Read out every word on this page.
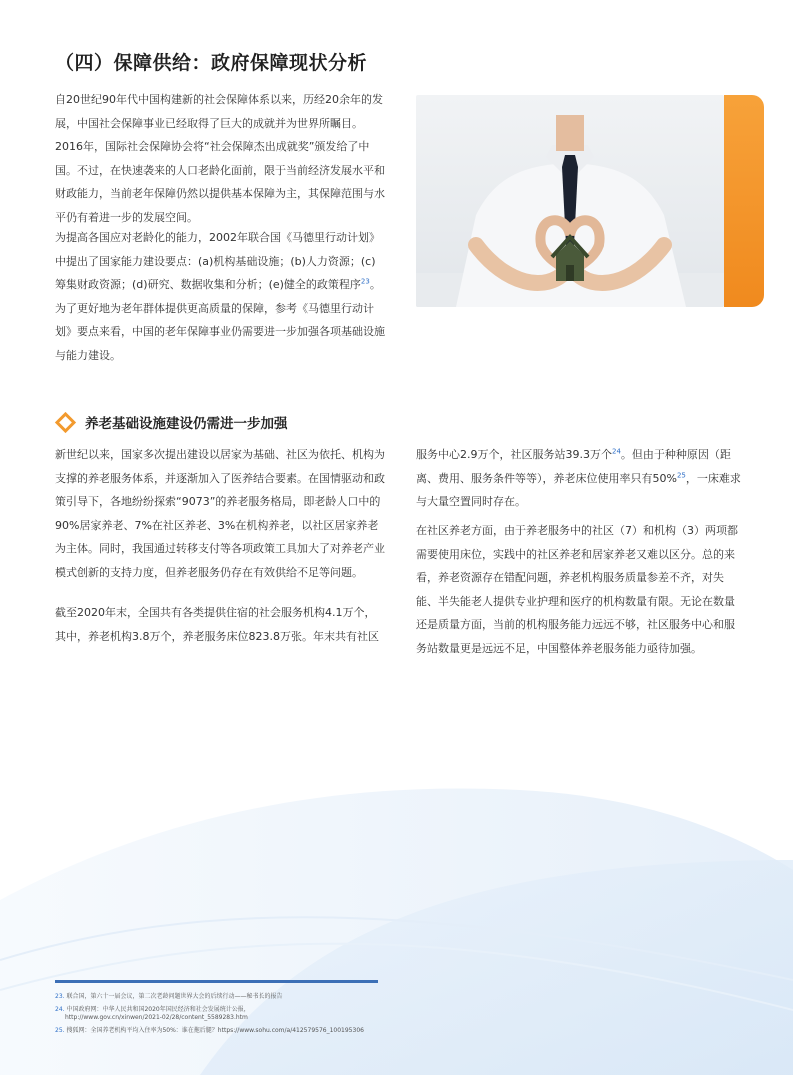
（四）保障供给：政府保障现状分析

自20世纪90年代中国构建新的社会保障体系以来，历经20余年的发展，中国社会保障事业已经取得了巨大的成就并为世界所瞩目。2016年，国际社会保障协会将“社会保障杰出成就奖”颁发给了中国。不过，在快速袭来的人口老龄化面前，限于当前经济发展水平和财政能力，当前老年保障仍然以提供基本保障为主，其保障范围与水平仍有着进一步的发展空间。

为提高各国应对老龄化的能力，2002年联合国《马德里行动计划》中提出了国家能力建设要点：(a)机构基础设施；(b)人力资源；(c)筹集财政资源；(d)研究、数据收集和分析；(e)健全的政策程序$^{23}$。为了更好地为老年群体提供更高质量的保障，参考《马德里行动计划》要点来看，中国的老年保障事业仍需要进一步加强各项基础设施与能力建设。

养老基础设施建设仍需进一步加强

新世纪以来，国家多次提出建设以居家为基础、社区为依托、机构为支撑的养老服务体系，并逐渐加入了医养结合要素。在国情驱动和政策引导下，各地纷纷探索“9073”的养老服务格局，即老龄人口中的90%居家养老、7%在社区养老、3%在机构养老，以社区居家养老为主体。同时，我国通过转移支付等各项政策工具加大了对养老产业模式创新的支持力度，但养老服务仍存在有效供给不足等问题。

截至2020年末，全国共有各类提供住宿的社会服务机构4.1万个，其中，养老机构3.8万个，养老服务床位823.8万张。年末共有社区

服务中心2.9万个，社区服务站39.3万个$^{24}$。但由于种种原因（距离、费用、服务条件等等），养老床位使用率只有50%$^{25}$，一床难求与大量空置同时存在。

在社区养老方面，由于养老服务中的社区（7）和机构（3）两项都需要使用床位，实践中的社区养老和居家养老又难以区分。总的来看，养老资源存在错配问题，养老机构服务质量参差不齐，对失能、半失能老人提供专业护理和医疗的机构数量有限。无论在数量还是质量方面，当前的机构服务能力远远不够，社区服务中心和服务站数量更是远远不足，中国整体养老服务能力亟待加强。

23. 联合国，第六十一届会议，第二次老龄问题世界大会的后续行动——秘书长的报告
24. 中国政府网：中华人民共和国2020年国民经济和社会发展统计公报，
http://www.gov.cn/xinwen/2021-02/28/content_5589283.htm
25. 搜狐网：全国养老机构平均入住率为50%：谁在拖后腿？https://www.sohu.com/a/412579576_100195306
